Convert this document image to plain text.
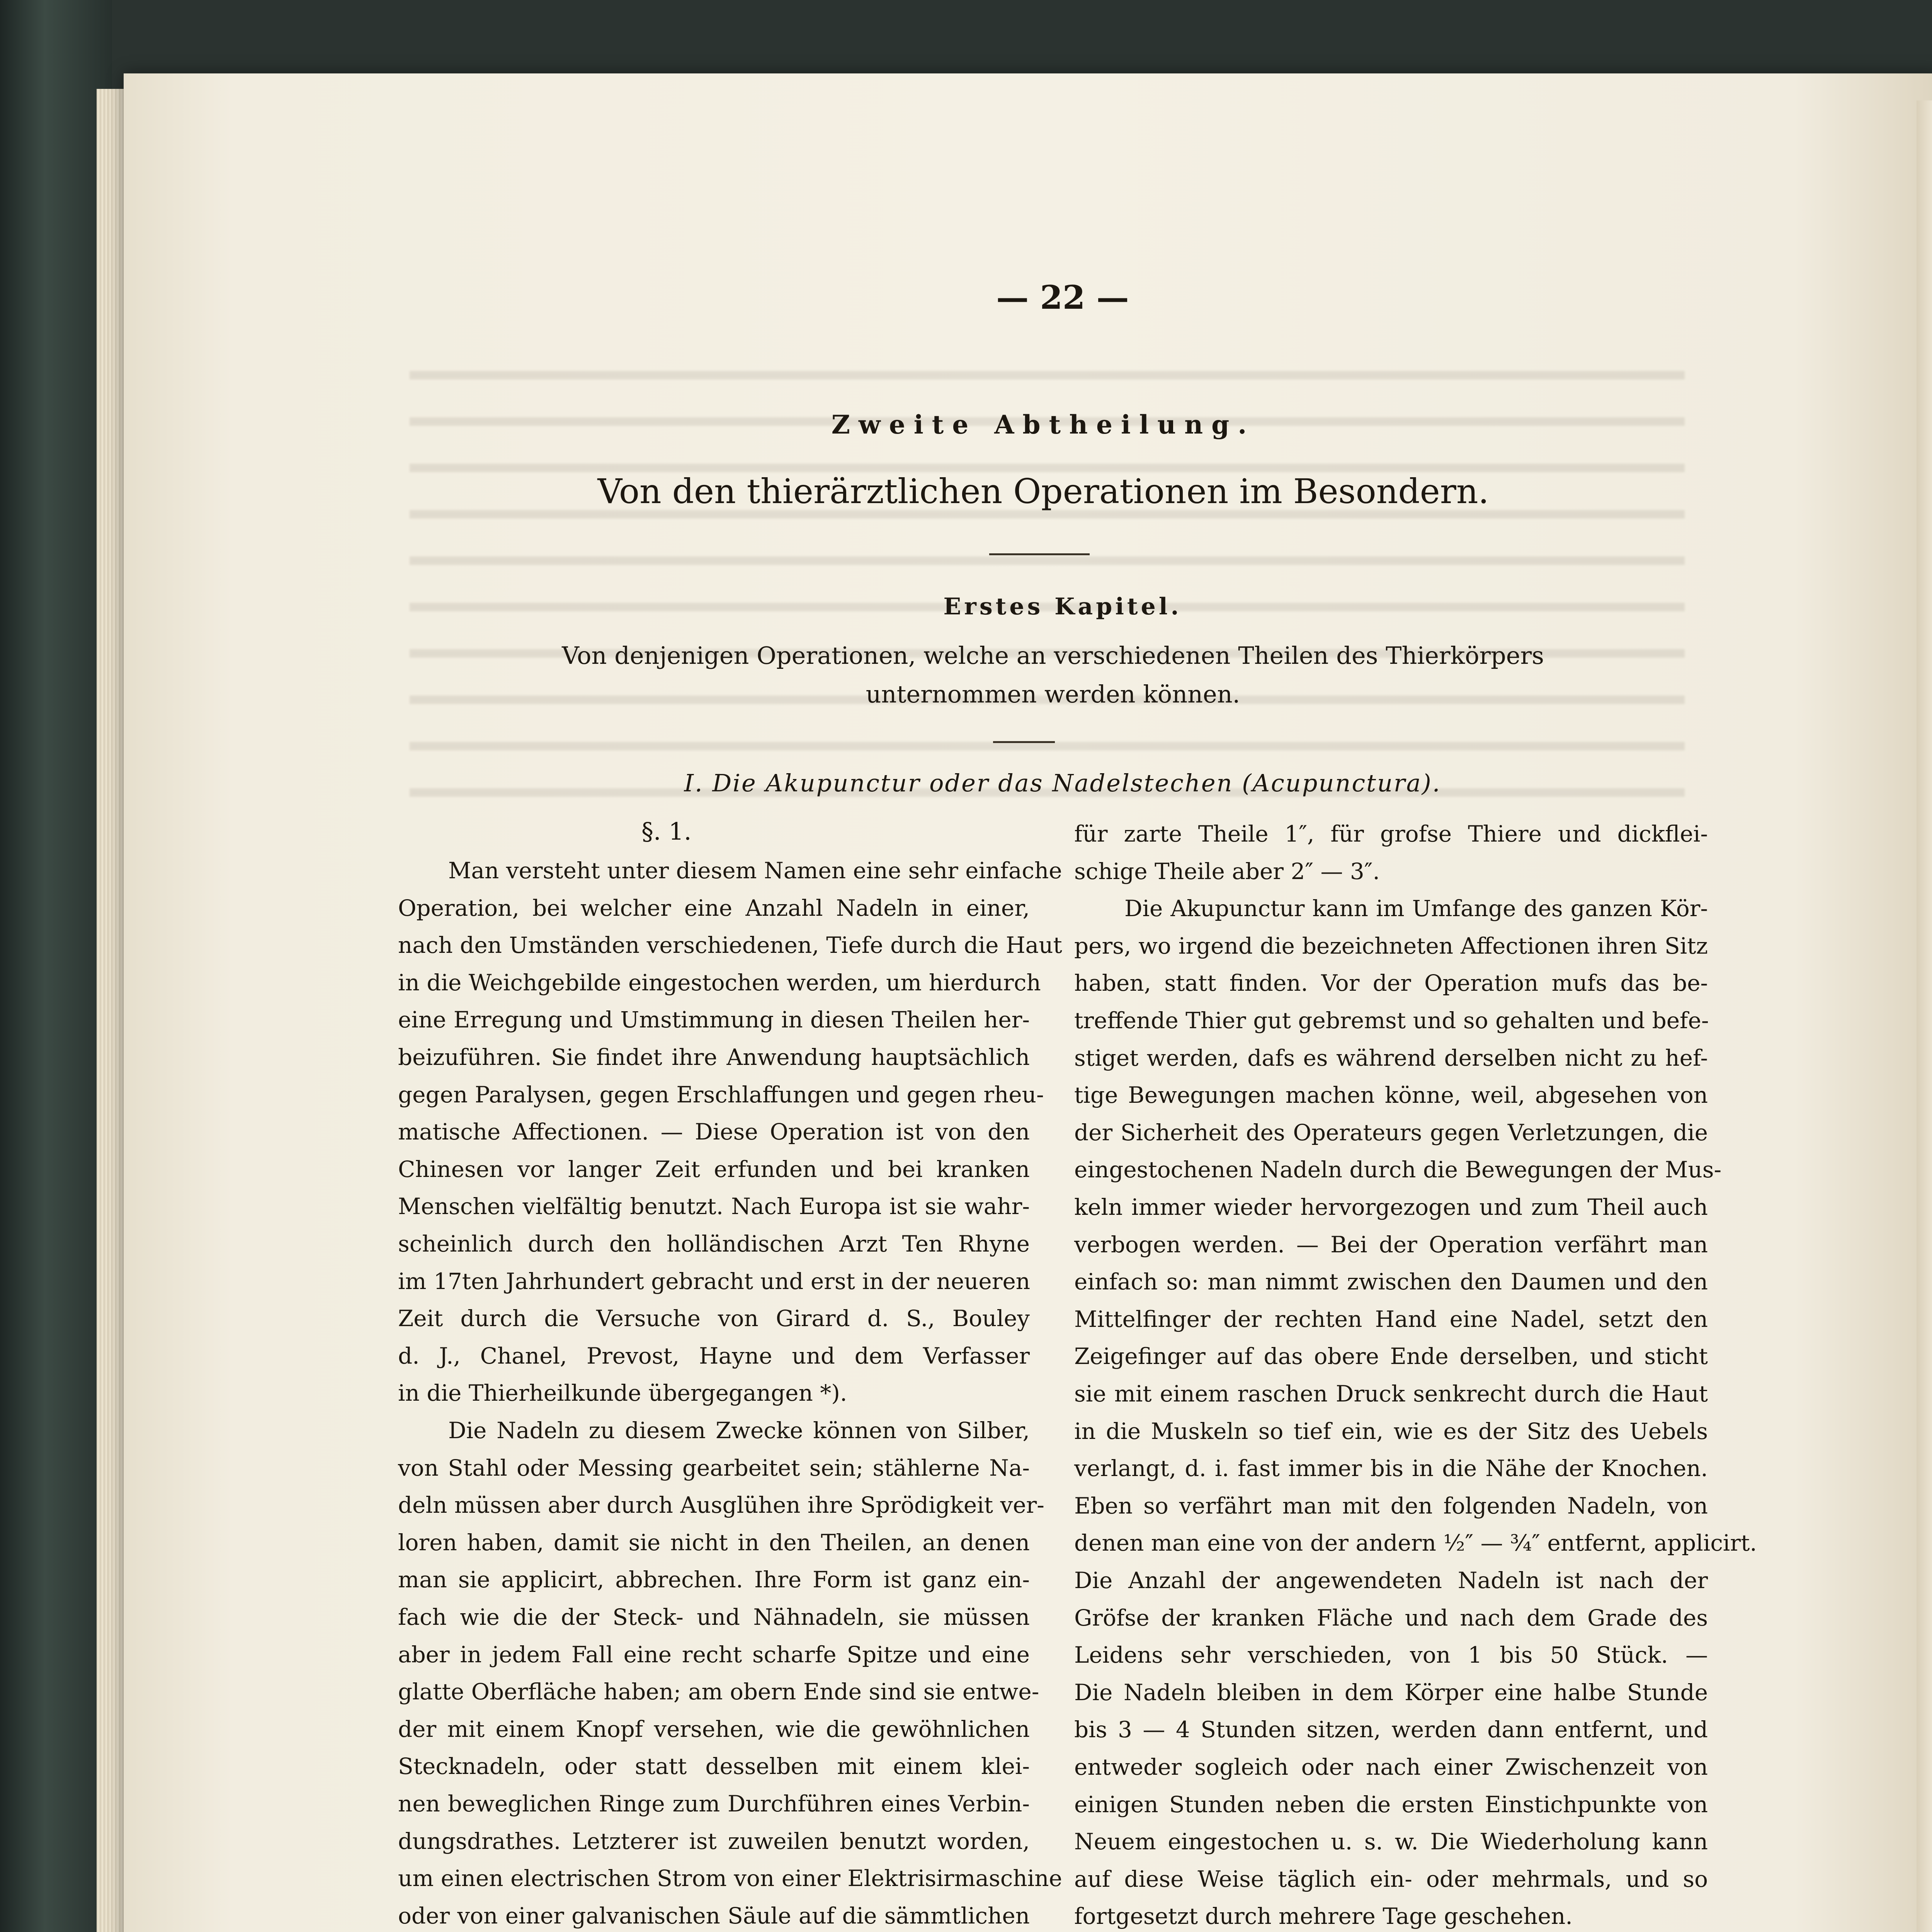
— 22 —
Zweite Abtheilung.
Von den thierärztlichen Operationen im Besondern.
Erstes Kapitel.
Von denjenigen Operationen, welche an verschiedenen Theilen des Thierkörpers
unternommen werden können.
I. Die Akupunctur oder das Nadelstechen (Acupunctura).
§. 1.
Man versteht unter diesem Namen eine sehr einfache
Operation, bei welcher eine Anzahl Nadeln in einer,
nach den Umständen verschiedenen, Tiefe durch die Haut
in die Weichgebilde eingestochen werden, um hierdurch
eine Erregung und Umstimmung in diesen Theilen her-
beizuführen. Sie findet ihre Anwendung hauptsächlich
gegen Paralysen, gegen Erschlaffungen und gegen rheu-
matische Affectionen. — Diese Operation ist von den
Chinesen vor langer Zeit erfunden und bei kranken
Menschen vielfältig benutzt. Nach Europa ist sie wahr-
scheinlich durch den holländischen Arzt Ten Rhyne
im 17ten Jahrhundert gebracht und erst in der neueren
Zeit durch die Versuche von Girard d. S., Bouley
d. J., Chanel, Prevost, Hayne und dem Verfasser
in die Thierheilkunde übergegangen *).
Die Nadeln zu diesem Zwecke können von Silber,
von Stahl oder Messing gearbeitet sein; stählerne Na-
deln müssen aber durch Ausglühen ihre Sprödigkeit ver-
loren haben, damit sie nicht in den Theilen, an denen
man sie applicirt, abbrechen. Ihre Form ist ganz ein-
fach wie die der Steck- und Nähnadeln, sie müssen
aber in jedem Fall eine recht scharfe Spitze und eine
glatte Oberfläche haben; am obern Ende sind sie entwe-
der mit einem Knopf versehen, wie die gewöhnlichen
Stecknadeln, oder statt desselben mit einem klei-
nen beweglichen Ringe zum Durchführen eines Verbin-
dungsdrathes. Letzterer ist zuweilen benutzt worden,
um einen electrischen Strom von einer Elektrisirmaschine
oder von einer galvanischen Säule auf die sämmtlichen
für zarte Theile 1″, für grofse Thiere und dickflei-
schige Theile aber 2″ — 3″.
Die Akupunctur kann im Umfange des ganzen Kör-
pers, wo irgend die bezeichneten Affectionen ihren Sitz
haben, statt finden. Vor der Operation mufs das be-
treffende Thier gut gebremst und so gehalten und befe-
stiget werden, dafs es während derselben nicht zu hef-
tige Bewegungen machen könne, weil, abgesehen von
der Sicherheit des Operateurs gegen Verletzungen, die
eingestochenen Nadeln durch die Bewegungen der Mus-
keln immer wieder hervorgezogen und zum Theil auch
verbogen werden. — Bei der Operation verfährt man
einfach so: man nimmt zwischen den Daumen und den
Mittelfinger der rechten Hand eine Nadel, setzt den
Zeigefinger auf das obere Ende derselben, und sticht
sie mit einem raschen Druck senkrecht durch die Haut
in die Muskeln so tief ein, wie es der Sitz des Uebels
verlangt, d. i. fast immer bis in die Nähe der Knochen.
Eben so verfährt man mit den folgenden Nadeln, von
denen man eine von der andern ½″ — ¾″ entfernt, applicirt.
Die Anzahl der angewendeten Nadeln ist nach der
Gröfse der kranken Fläche und nach dem Grade des
Leidens sehr verschieden, von 1 bis 50 Stück. —
Die Nadeln bleiben in dem Körper eine halbe Stunde
bis 3 — 4 Stunden sitzen, werden dann entfernt, und
entweder sogleich oder nach einer Zwischenzeit von
einigen Stunden neben die ersten Einstichpunkte von
Neuem eingestochen u. s. w. Die Wiederholung kann
auf diese Weise täglich ein- oder mehrmals, und so
fortgesetzt durch mehrere Tage geschehen.
